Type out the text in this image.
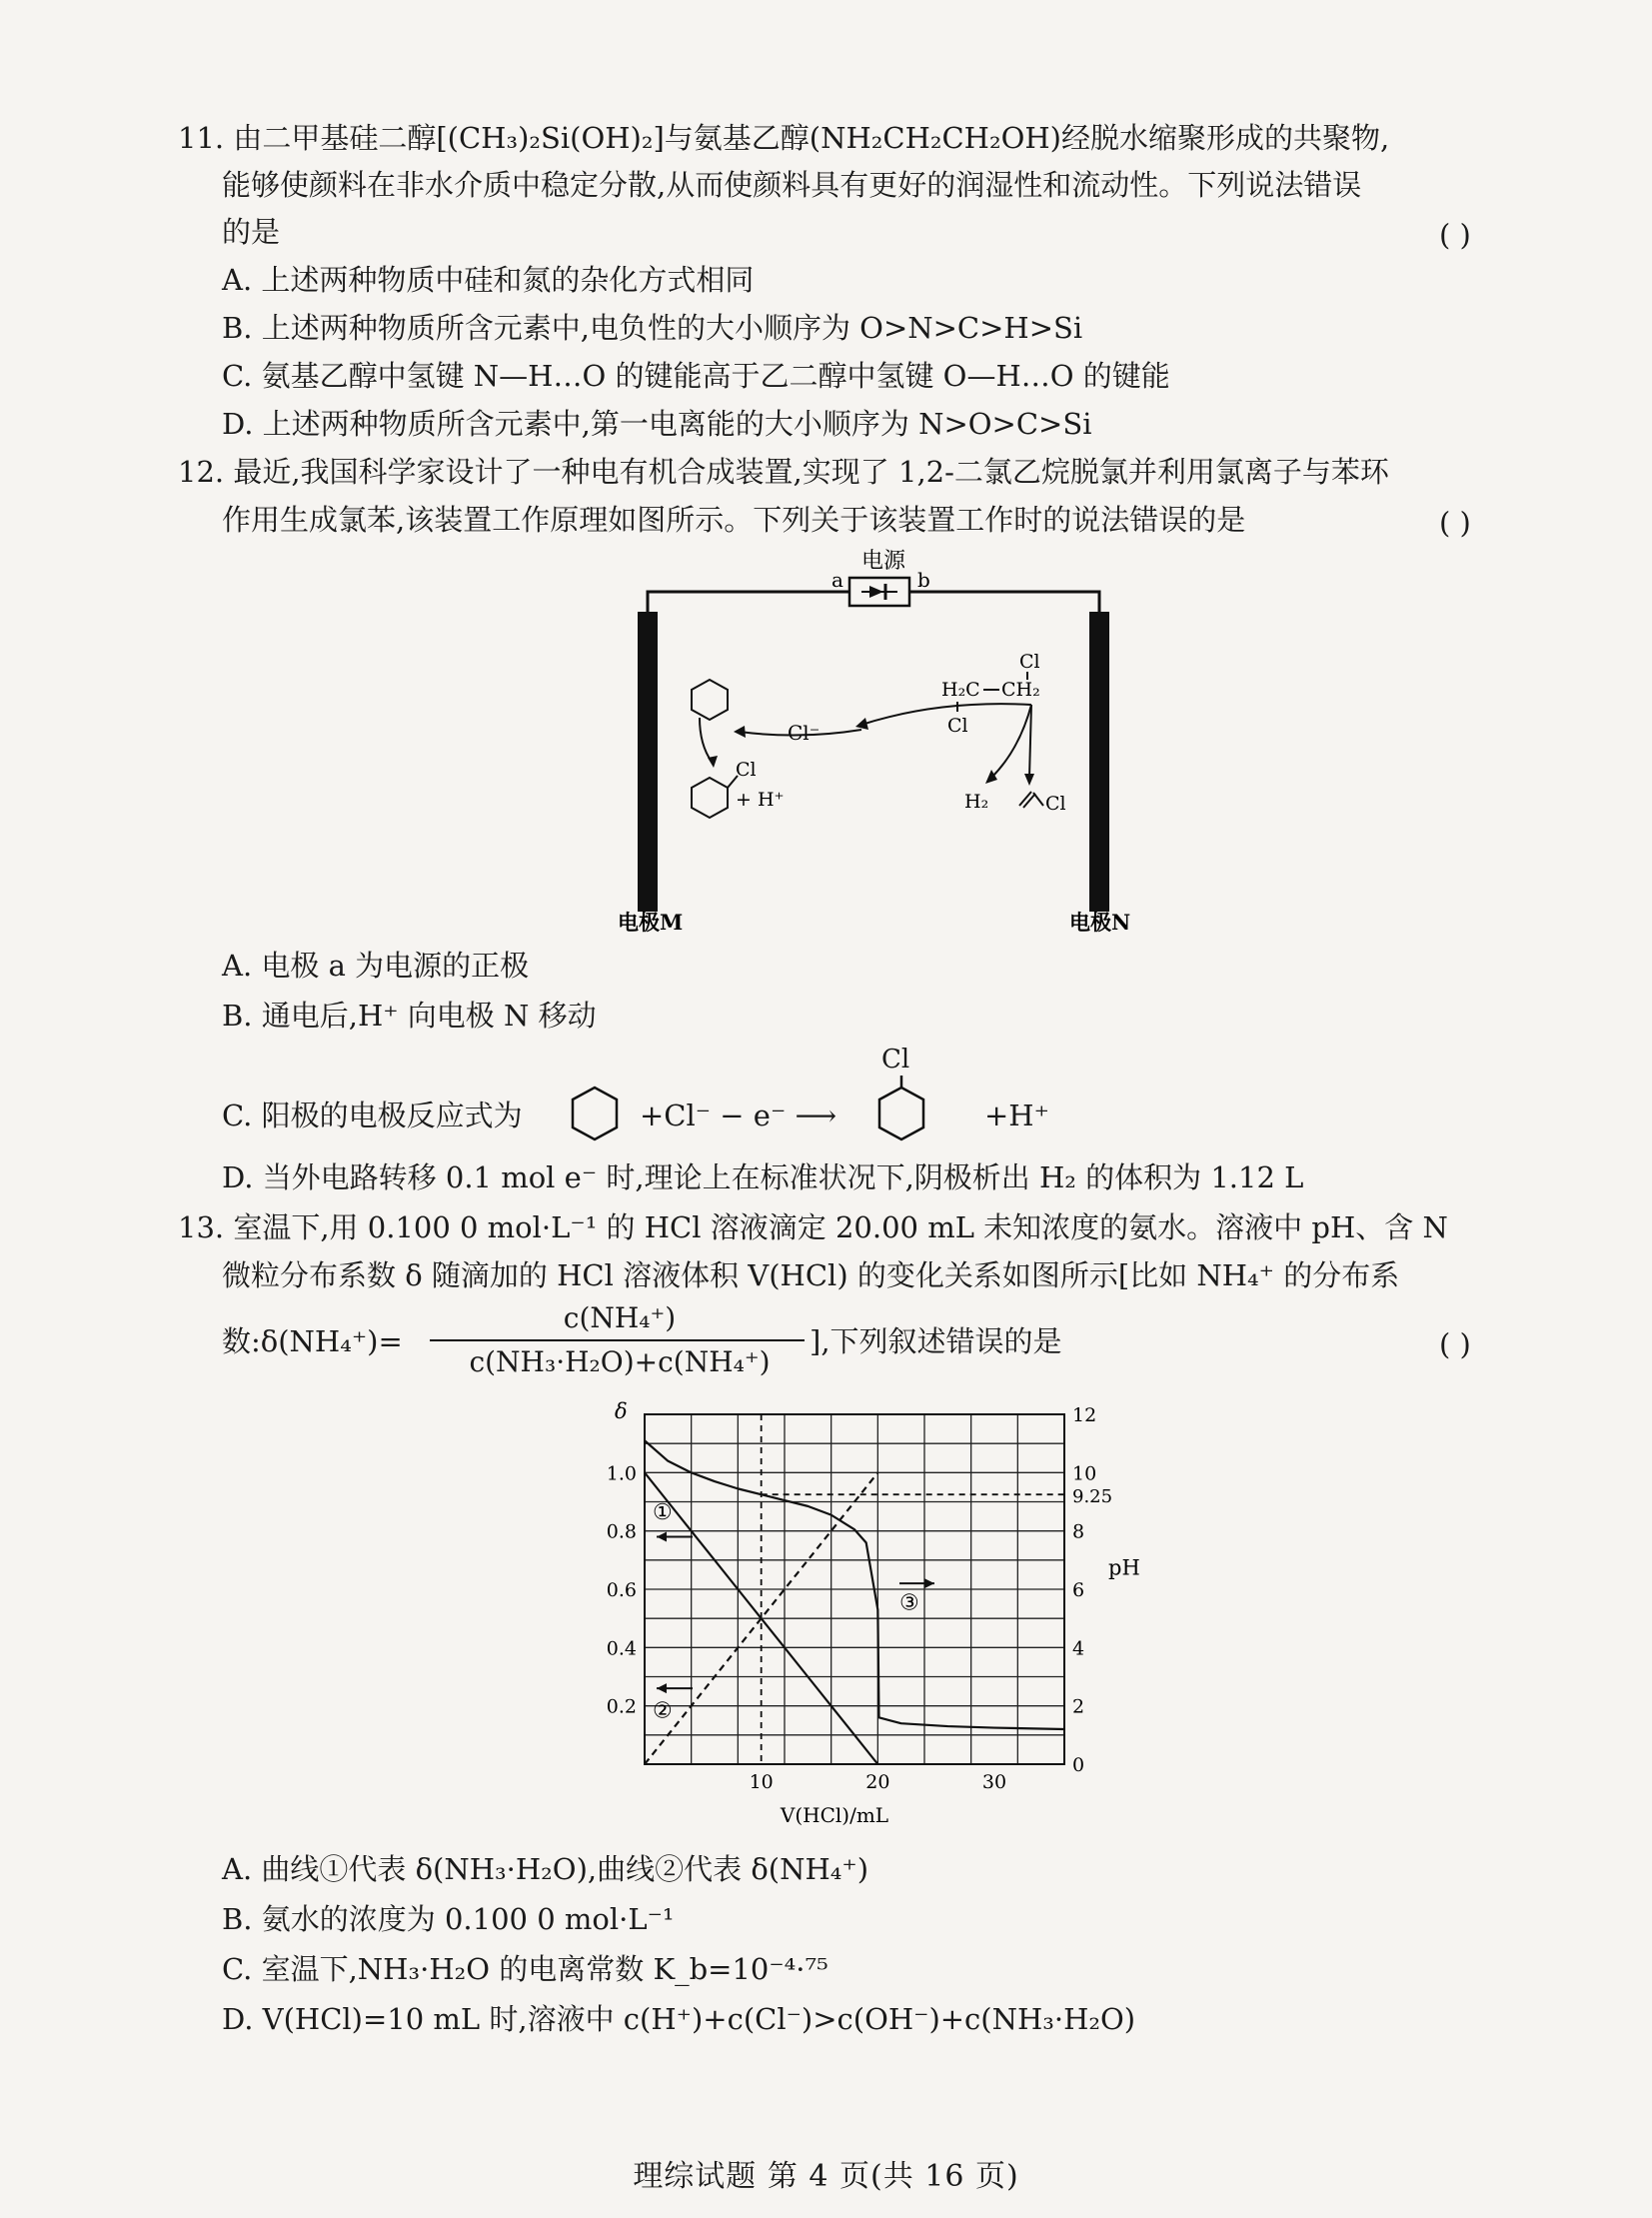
11. 由二甲基硅二醇[(CH₃)₂Si(OH)₂]与氨基乙醇(NH₂CH₂CH₂OH)经脱水缩聚形成的共聚物,
能够使颜料在非水介质中稳定分散,从而使颜料具有更好的润湿性和流动性。下列说法错误
的是	( )
A. 上述两种物质中硅和氮的杂化方式相同
B. 上述两种物质所含元素中,电负性的大小顺序为 O>N>C>H>Si
C. 氨基乙醇中氢键 N—H…O 的键能高于乙二醇中氢键 O—H…O 的键能
D. 上述两种物质所含元素中,第一电离能的大小顺序为 N>O>C>Si
12. 最近,我国科学家设计了一种电有机合成装置,实现了 1,2-二氯乙烷脱氯并利用氯离子与苯环
作用生成氯苯,该装置工作原理如图所示。下列关于该装置工作时的说法错误的是	( )
电源
a	b
电极M	电极N
Cl
+ H⁺
Cl⁻
Cl
H₂C CH₂
Cl
H₂	Cl
A. 电极 a 为电源的正极
B. 通电后,H⁺ 向电极 N 移动
C. 阳极的电极反应式为	+Cl⁻ − e⁻ ⟶
Cl
+H⁺
D. 当外电路转移 0.1 mol e⁻ 时,理论上在标准状况下,阴极析出 H₂ 的体积为 1.12 L
13. 室温下,用 0.100 0 mol·L⁻¹ 的 HCl 溶液滴定 20.00 mL 未知浓度的氨水。溶液中 pH、含 N
微粒分布系数 δ 随滴加的 HCl 溶液体积 V(HCl) 的变化关系如图所示[比如 NH₄⁺ 的分布系
数:δ(NH₄⁺)=
c(NH₄⁺)
c(NH₃·H₂O)+c(NH₄⁺)
],下列叙述错误的是	( )
0.2
0.4
0.6
0.8
1.0
0
2
4
6
8
10
12
10	20	30
δ
pH
V(HCl)/mL
9.25
①
②
③
A. 曲线①代表 δ(NH₃·H₂O),曲线②代表 δ(NH₄⁺)
B. 氨水的浓度为 0.100 0 mol·L⁻¹
C. 室温下,NH₃·H₂O 的电离常数 K_b=10⁻⁴·⁷⁵
D. V(HCl)=10 mL 时,溶液中 c(H⁺)+c(Cl⁻)>c(OH⁻)+c(NH₃·H₂O)
理综试题 第 4 页(共 16 页)
